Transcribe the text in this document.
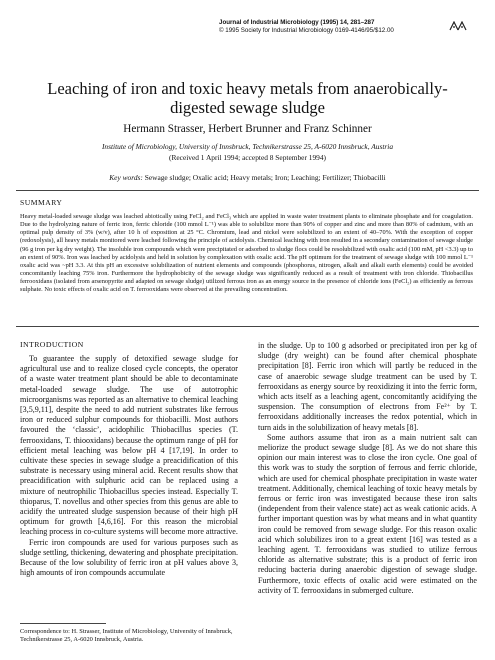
Journal of Industrial Microbiology (1995) 14, 281–287
© 1995 Society for Industrial Microbiology 0169-4146/95/$12.00
Leaching of iron and toxic heavy metals from anaerobically-digested sewage sludge
Hermann Strasser, Herbert Brunner and Franz Schinner
Institute of Microbiology, University of Innsbruck, Technikerstrasse 25, A-6020 Innsbruck, Austria
(Received 1 April 1994; accepted 8 September 1994)
Key words: Sewage sludge; Oxalic acid; Heavy metals; Iron; Leaching; Fertilizer; Thiobacilli
SUMMARY
Heavy metal-loaded sewage sludge was leached abiotically using FeCl₂ and FeCl₃ which are applied in waste water treatment plants to eliminate phosphate and for coagulation. Due to the hydrolyzing nature of ferric iron, ferric chloride (100 mmol L⁻¹) was able to solubilize more than 90% of copper and zinc and more than 80% of cadmium, with an optimal pulp density of 3% (w/v), after 10 h of exposition at 25 °C. Chromium, lead and nickel were solubilized to an extent of 40–70%. With the exception of copper (redoxolysis), all heavy metals monitored were leached following the principle of acidolysis. Chemical leaching with iron resulted in a secondary contamination of sewage sludge (96 g iron per kg dry weight). The insoluble iron compounds which were precipitated or adsorbed to sludge flocs could be resolubilized with oxalic acid (100 mM, pH <3.3) up to an extent of 90%. Iron was leached by acidolysis and held in solution by complexation with oxalic acid. The pH optimum for the treatment of sewage sludge with 100 mmol L⁻¹ oxalic acid was ~pH 3.3. At this pH an excessive solubilization of nutrient elements and compounds (phosphorus, nitrogen, alkali and alkali earth elements) could be avoided concomitantly leaching 75% iron. Furthermore the hydrophobicity of the sewage sludge was significantly reduced as a result of treatment with iron chloride. Thiobacillus ferrooxidans (isolated from arsenopyrite and adapted on sewage sludge) utilized ferrous iron as an energy source in the presence of chloride ions (FeCl₂) as efficiently as ferrous sulphate. No toxic effects of oxalic acid on T. ferrooxidans were observed at the prevailing concentration.
INTRODUCTION

To guarantee the supply of detoxified sewage sludge for agricultural use and to realize closed cycle concepts, the operator of a waste water treatment plant should be able to decontaminate metal-loaded sewage sludge. The use of autotrophic microorganisms was reported as an alternative to chemical leaching [3,5,9,11], despite the need to add nutrient substrates like ferrous iron or reduced sulphur compounds for thiobacilli. Most authors favoured the ‘classic’, acidophilic Thiobacillus species (T. ferrooxidans, T. thiooxidans) because the optimum range of pH for efficient metal leaching was below pH 4 [17,19]. In order to cultivate these species in sewage sludge a preacidification of this substrate is necessary using mineral acid. Recent results show that preacidification with sulphuric acid can be replaced using a mixture of neutrophilic Thiobacillus species instead. Especially T. thioparus, T. novellus and other species from this genus are able to acidify the untreated sludge suspension because of their high pH optimum for growth [4,6,16]. For this reason the microbial leaching process in co-culture systems will become more attractive.

Ferric iron compounds are used for various purposes such as sludge settling, thickening, dewatering and phosphate precipitation. Because of the low solubility of ferric iron at pH values above 3, high amounts of iron compounds accumulate

in the sludge. Up to 100 g adsorbed or precipitated iron per kg of sludge (dry weight) can be found after chemical phosphate precipitation [8]. Ferric iron which will partly be reduced in the case of anaerobic sewage sludge treatment can be used by T. ferrooxidans as energy source by reoxidizing it into the ferric form, which acts itself as a leaching agent, concomitantly acidifying the suspension. The consumption of electrons from Fe²⁺ by T. ferrooxidans additionally increases the redox potential, which in turn aids in the solubilization of heavy metals [8].

Some authors assume that iron as a main nutrient salt can meliorize the product sewage sludge [8]. As we do not share this opinion our main interest was to close the iron cycle. One goal of this work was to study the sorption of ferrous and ferric chloride, which are used for chemical phosphate precipitation in waste water treatment. Additionally, chemical leaching of toxic heavy metals by ferrous or ferric iron was investigated because these iron salts (independent from their valence state) act as weak cationic acids. A further important question was by what means and in what quantity iron could be removed from sewage sludge. For this reason oxalic acid which solubilizes iron to a great extent [16] was tested as a leaching agent. T. ferrooxidans was studied to utilize ferrous chloride as alternative substrate; this is a product of ferric iron reducing bacteria during anaerobic digestion of sewage sludge. Furthermore, toxic effects of oxalic acid were estimated on the activity of T. ferrooxidans in submerged culture.

Correspondence to: H. Strasser, Institute of Microbiology, University of Innsbruck, Technikerstrasse 25, A-6020 Innsbruck, Austria.
